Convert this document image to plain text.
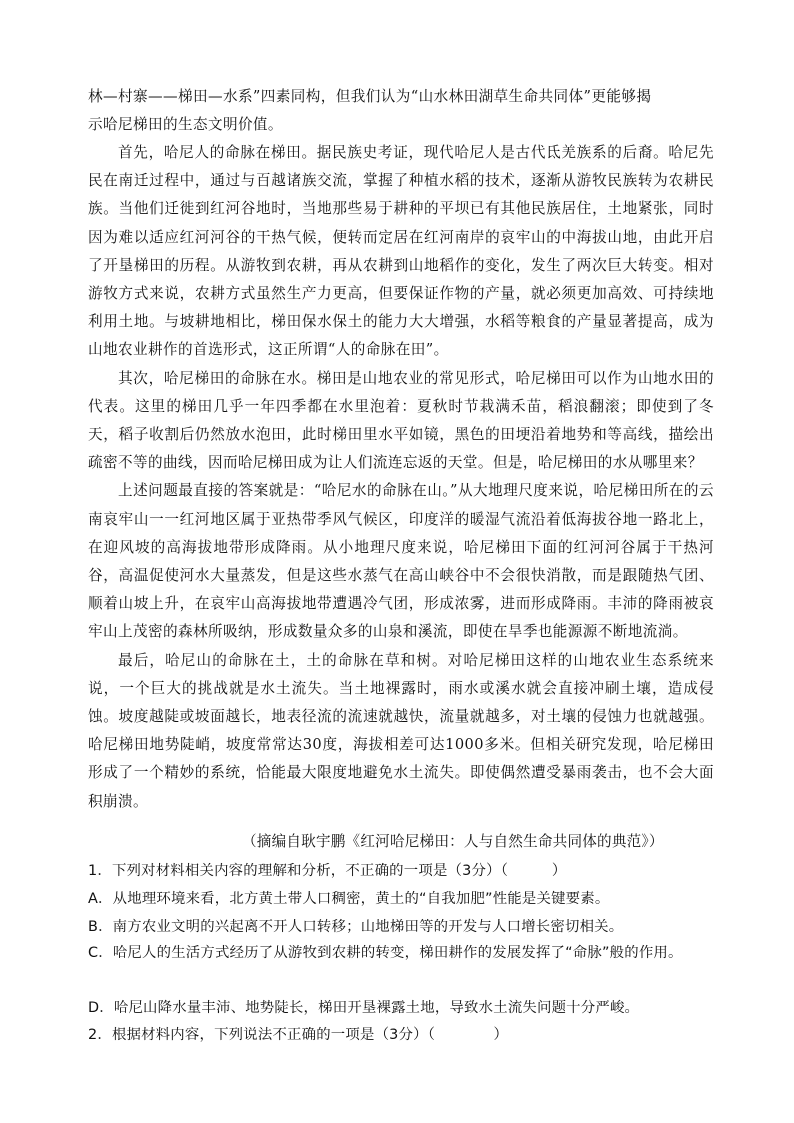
林—村寨——梯田—水系”四素同构，但我们认为“山水林田湖草生命共同体”更能够揭

示哈尼梯田的生态文明价值。

首先，哈尼人的命脉在梯田。据民族史考证，现代哈尼人是古代氐羌族系的后裔。哈尼先民在南迁过程中，通过与百越诸族交流，掌握了种植水稻的技术，逐渐从游牧民族转为农耕民族。当他们迁徙到红河谷地时，当地那些易于耕种的平坝已有其他民族居住，土地紧张，同时因为难以适应红河河谷的干热气候，便转而定居在红河南岸的哀牢山的中海拔山地，由此开启了开垦梯田的历程。从游牧到农耕，再从农耕到山地稻作的变化，发生了两次巨大转变。相对游牧方式来说，农耕方式虽然生产力更高，但要保证作物的产量，就必须更加高效、可持续地利用土地。与坡耕地相比，梯田保水保土的能力大大增强，水稻等粮食的产量显著提高，成为山地农业耕作的首选形式，这正所谓“人的命脉在田”。

其次，哈尼梯田的命脉在水。梯田是山地农业的常见形式，哈尼梯田可以作为山地水田的代表。这里的梯田几乎一年四季都在水里泡着：夏秋时节栽满禾苗，稻浪翻滚；即使到了冬天，稻子收割后仍然放水泡田，此时梯田里水平如镜，黑色的田埂沿着地势和等高线，描绘出疏密不等的曲线，因而哈尼梯田成为让人们流连忘返的天堂。但是，哈尼梯田的水从哪里来？

上述问题最直接的答案就是：“哈尼水的命脉在山。”从大地理尺度来说，哈尼梯田所在的云南哀牢山一一红河地区属于亚热带季风气候区，印度洋的暖湿气流沿着低海拔谷地一路北上，在迎风坡的高海拔地带形成降雨。从小地理尺度来说，哈尼梯田下面的红河河谷属于干热河谷，高温促使河水大量蒸发，但是这些水蒸气在高山峡谷中不会很快消散，而是跟随热气团、顺着山坡上升，在哀牢山高海拔地带遭遇冷气团，形成浓雾，进而形成降雨。丰沛的降雨被哀牢山上茂密的森林所吸纳，形成数量众多的山泉和溪流，即使在旱季也能源源不断地流淌。

最后，哈尼山的命脉在土，土的命脉在草和树。对哈尼梯田这样的山地农业生态系统来说，一个巨大的挑战就是水土流失。当土地裸露时，雨水或溪水就会直接冲刷土壤，造成侵蚀。坡度越陡或坡面越长，地表径流的流速就越快，流量就越多，对土壤的侵蚀力也就越强。哈尼梯田地势陡峭，坡度常常达30度，海拔相差可达1000多米。但相关研究发现，哈尼梯田形成了一个精妙的系统，恰能最大限度地避免水土流失。即使偶然遭受暴雨袭击，也不会大面积崩溃。

（摘编自耿宇鹏《红河哈尼梯田：人与自然生命共同体的典范》）

1．下列对材料相关内容的理解和分析，不正确的一项是（3分）（　　　）

A．从地理环境来看，北方黄土带人口稠密，黄土的“自我加肥”性能是关键要素。

B．南方农业文明的兴起离不开人口转移；山地梯田等的开发与人口增长密切相关。

C．哈尼人的生活方式经历了从游牧到农耕的转变，梯田耕作的发展发挥了“命脉”般的作用。

D．哈尼山降水量丰沛、地势陡长，梯田开垦裸露土地，导致水土流失问题十分严峻。

2．根据材料内容，下列说法不正确的一项是（3分）（　　　　）
